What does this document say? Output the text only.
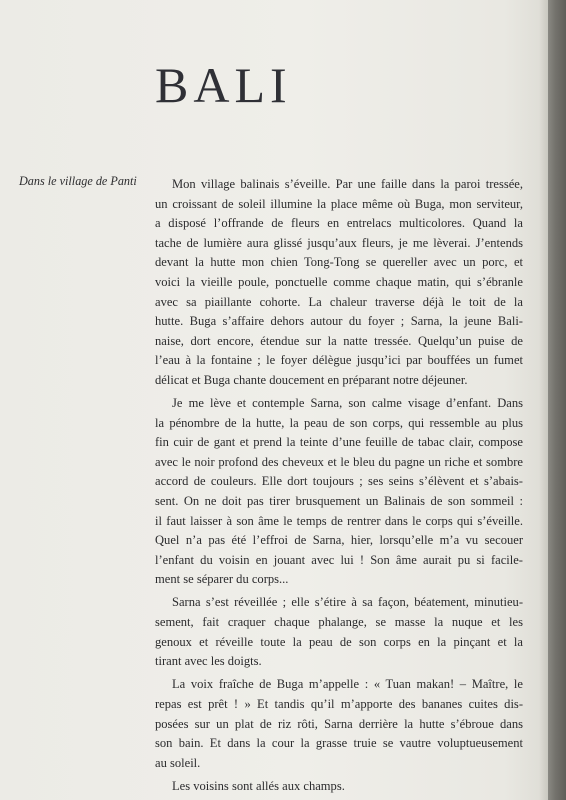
BALI
Dans le village de Panti	Mon village balinais s’éveille. Par une faille dans la paroi tressée,
un croissant de soleil illumine la place même où Buga, mon serviteur,
a disposé l’offrande de fleurs en entrelacs multicolores. Quand la
tache de lumière aura glissé jusqu’aux fleurs, je me lèverai. J’entends
devant la hutte mon chien Tong-Tong se quereller avec un porc, et
voici la vieille poule, ponctuelle comme chaque matin, qui s’ébranle
avec sa piaillante cohorte. La chaleur traverse déjà le toit de la
hutte. Buga s’affaire dehors autour du foyer ; Sarna, la jeune Bali-
naise, dort encore, étendue sur la natte tressée. Quelqu’un puise de
l’eau à la fontaine ; le foyer délègue jusqu’ici par bouffées un fumet
délicat et Buga chante doucement en préparant notre déjeuner.

Je me lève et contemple Sarna, son calme visage d’enfant. Dans
la pénombre de la hutte, la peau de son corps, qui ressemble au plus
fin cuir de gant et prend la teinte d’une feuille de tabac clair, compose
avec le noir profond des cheveux et le bleu du pagne un riche et sombre
accord de couleurs. Elle dort toujours ; ses seins s’élèvent et s’abais-
sent. On ne doit pas tirer brusquement un Balinais de son sommeil :
il faut laisser à son âme le temps de rentrer dans le corps qui s’éveille.
Quel n’a pas été l’effroi de Sarna, hier, lorsqu’elle m’a vu secouer
l’enfant du voisin en jouant avec lui ! Son âme aurait pu si facile-
ment se séparer du corps...

Sarna s’est réveillée ; elle s’étire à sa façon, béatement, minutieu-
sement, fait craquer chaque phalange, se masse la nuque et les
genoux et réveille toute la peau de son corps en la pinçant et la
tirant avec les doigts.

La voix fraîche de Buga m’appelle : « Tuan makan! – Maître, le
repas est prêt ! » Et tandis qu’il m’apporte des bananes cuites dis-
posées sur un plat de riz rôti, Sarna derrière la hutte s’ébroue dans
son bain. Et dans la cour la grasse truie se vautre voluptueusement
au soleil.

Les voisins sont allés aux champs.
